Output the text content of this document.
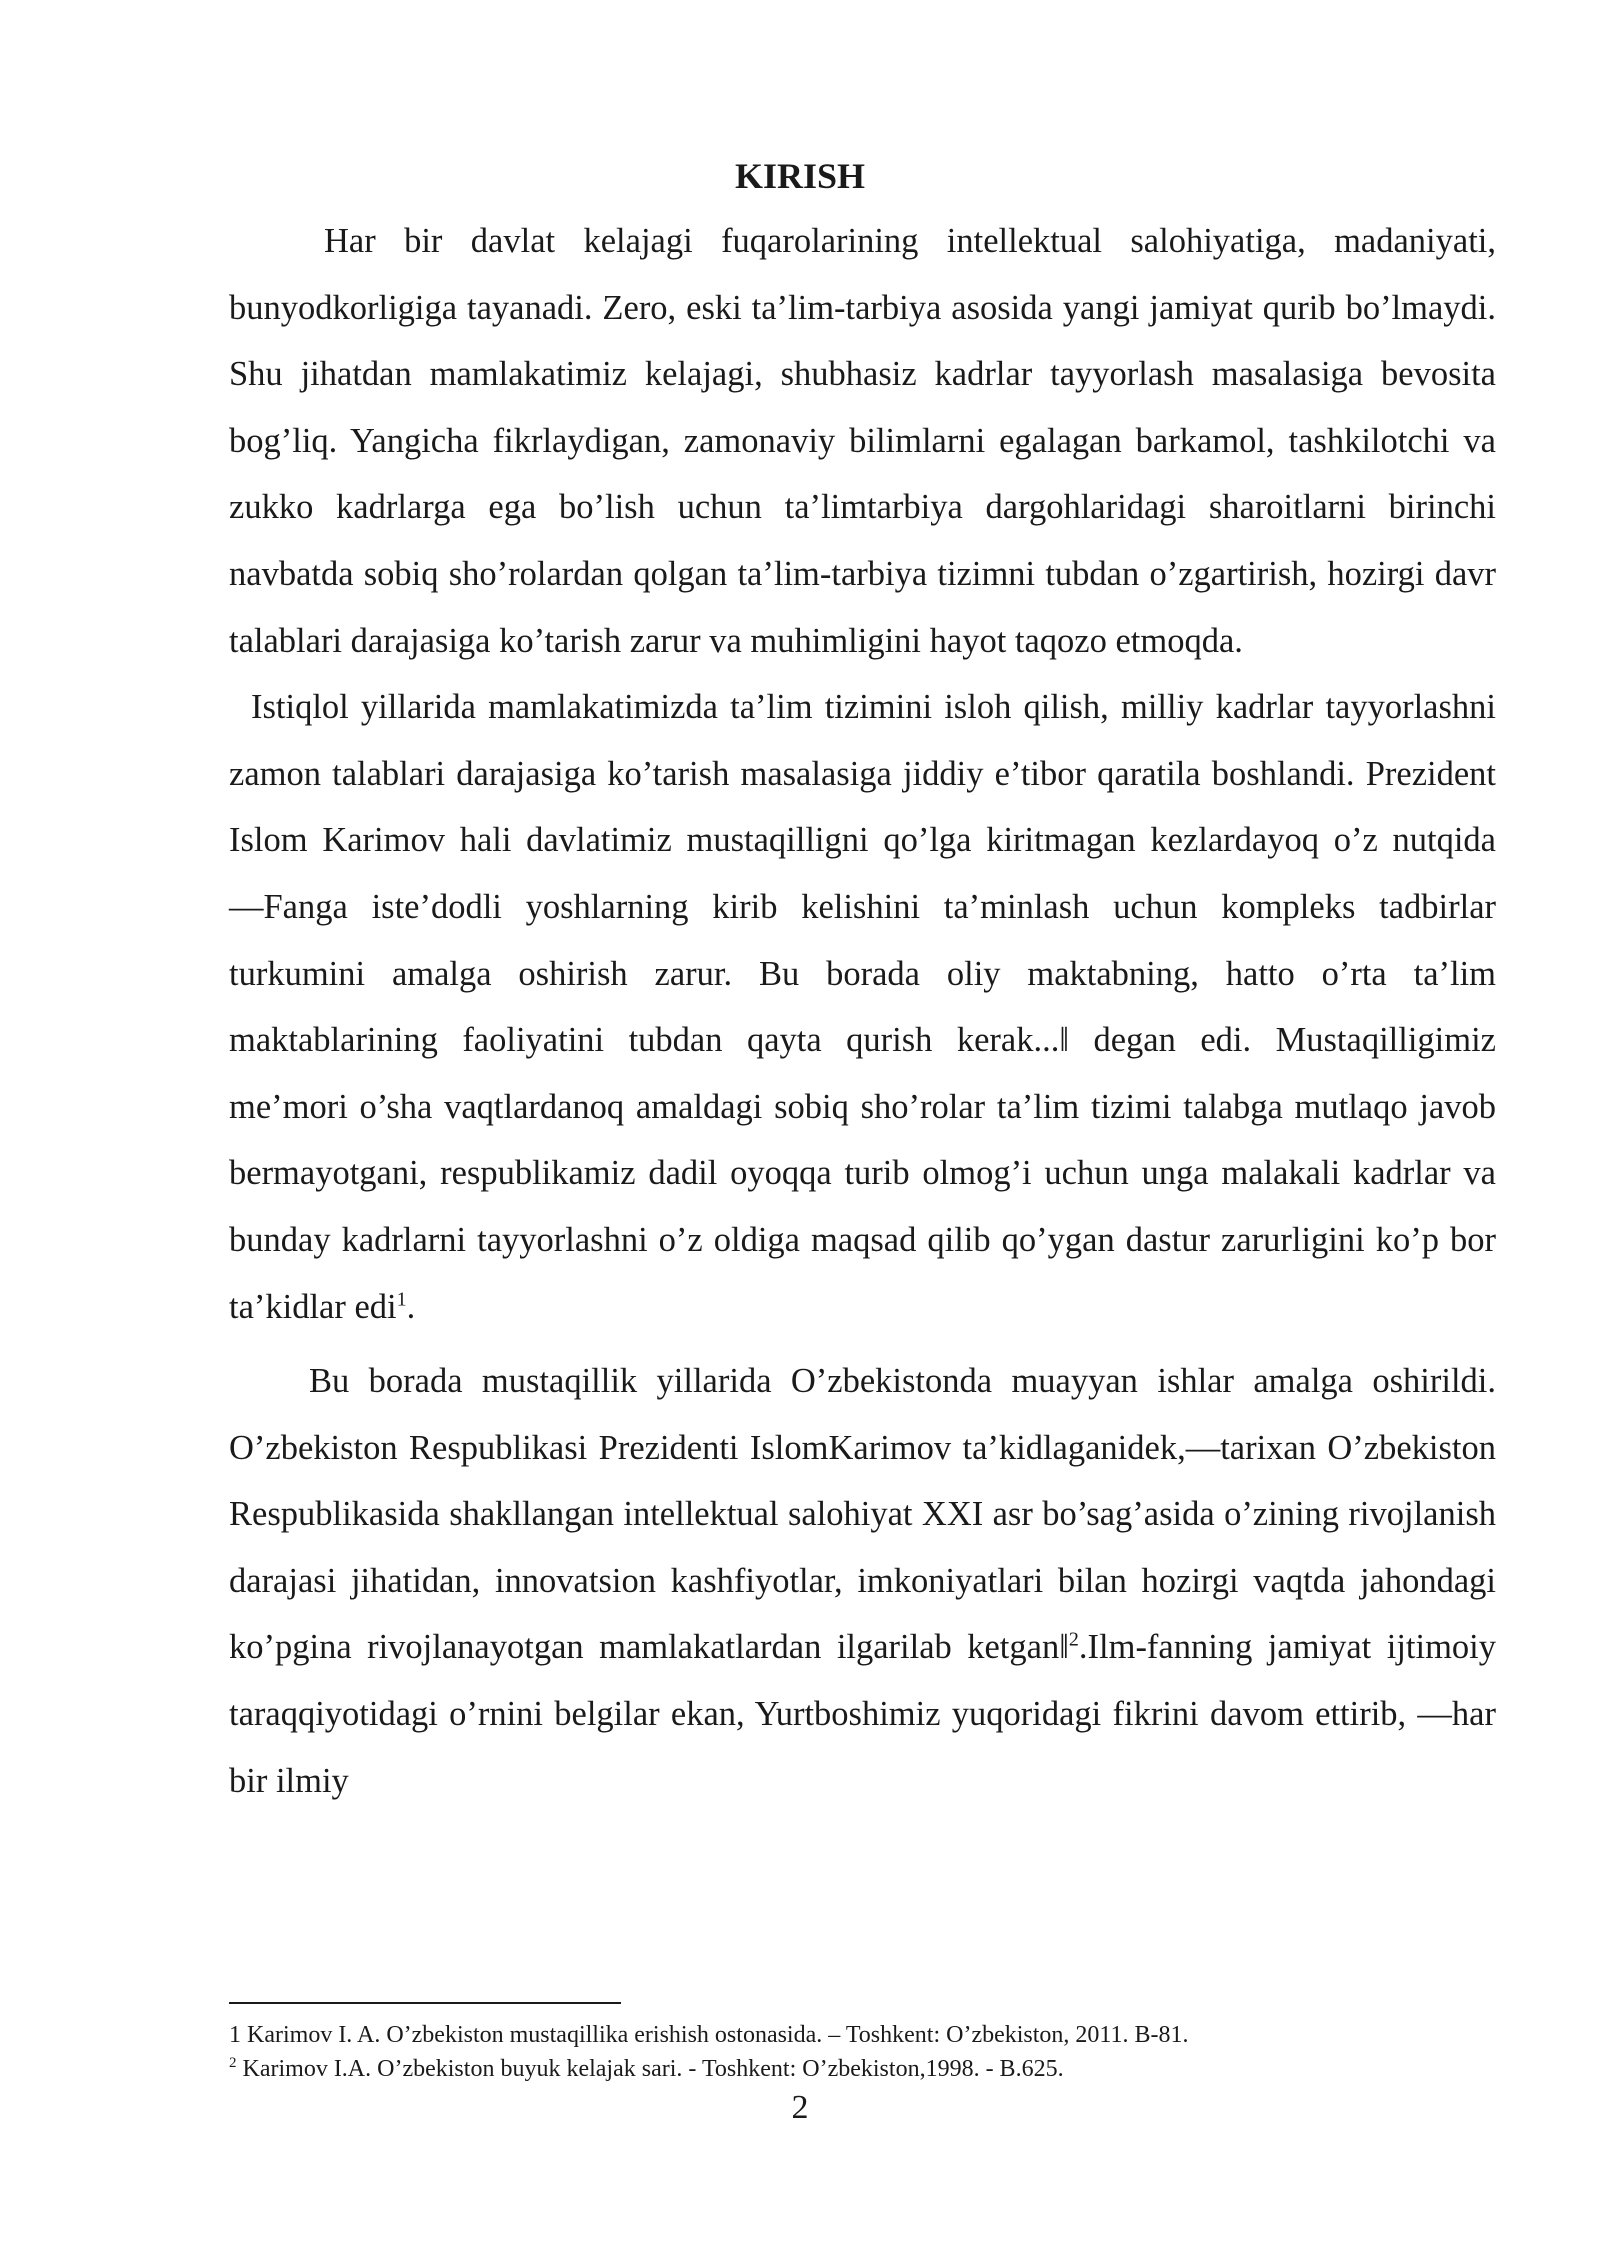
KIRISH

Har bir davlat kelajagi fuqarolarining intellektual salohiyatiga, madaniyati, bunyodkorligiga tayanadi. Zero, eski ta’lim-tarbiya asosida yangi jamiyat qurib bo’lmaydi. Shu jihatdan mamlakatimiz kelajagi, shubhasiz kadrlar tayyorlash masalasiga bevosita bog’liq. Yangicha fikrlaydigan, zamonaviy bilimlarni egalagan barkamol, tashkilotchi va zukko kadrlarga ega bo’lish uchun ta’limtarbiya dargohlaridagi sharoitlarni birinchi navbatda sobiq sho’rolardan qolgan ta’lim-tarbiya tizimni tubdan o’zgartirish, hozirgi davr talablari darajasiga ko’tarish zarur va muhimligini hayot taqozo etmoqda.

Istiqlol yillarida mamlakatimizda ta’lim tizimini isloh qilish, milliy kadrlar tayyorlashni zamon talablari darajasiga ko’tarish masalasiga jiddiy e’tibor qaratila boshlandi. Prezident Islom Karimov hali davlatimiz mustaqilligni qo’lga kiritmagan kezlardayoq o’z nutqida ―Fanga iste’dodli yoshlarning kirib kelishini ta’minlash uchun kompleks tadbirlar turkumini amalga oshirish zarur. Bu borada oliy maktabning, hatto o’rta ta’lim maktablarining faoliyatini tubdan qayta qurish kerak...‖ degan edi. Mustaqilligimiz me’mori o’sha vaqtlardanoq amaldagi sobiq sho’rolar ta’lim tizimi talabga mutlaqo javob bermayotgani, respublikamiz dadil oyoqqa turib olmog’i uchun unga malakali kadrlar va bunday kadrlarni tayyorlashni o’z oldiga maqsad qilib qo’ygan dastur zarurligini ko’p bor ta’kidlar edi$^1$.

Bu borada mustaqillik yillarida O’zbekistonda muayyan ishlar amalga oshirildi. O’zbekiston Respublikasi Prezidenti IslomKarimov ta’kidlaganidek,―tarixan O’zbekiston Respublikasida shakllangan intellektual salohiyat XXI asr bo’sag’asida o’zining rivojlanish darajasi jihatidan, innovatsion kashfiyotlar, imkoniyatlari bilan hozirgi vaqtda jahondagi ko’pgina rivojlanayotgan mamlakatlardan ilgarilab ketgan‖$^2$.Ilm-fanning jamiyat ijtimoiy taraqqiyotidagi o’rnini belgilar ekan, Yurtboshimiz yuqoridagi fikrini davom ettirib, ―har bir ilmiy

1 Karimov I. A. O’zbekiston mustaqillika erishish ostonasida. – Toshkent: O’zbekiston, 2011. B-81.

$^2$ Karimov I.A. O’zbekiston buyuk kelajak sari. - Toshkent: O’zbekiston,1998. - B.625.

2
